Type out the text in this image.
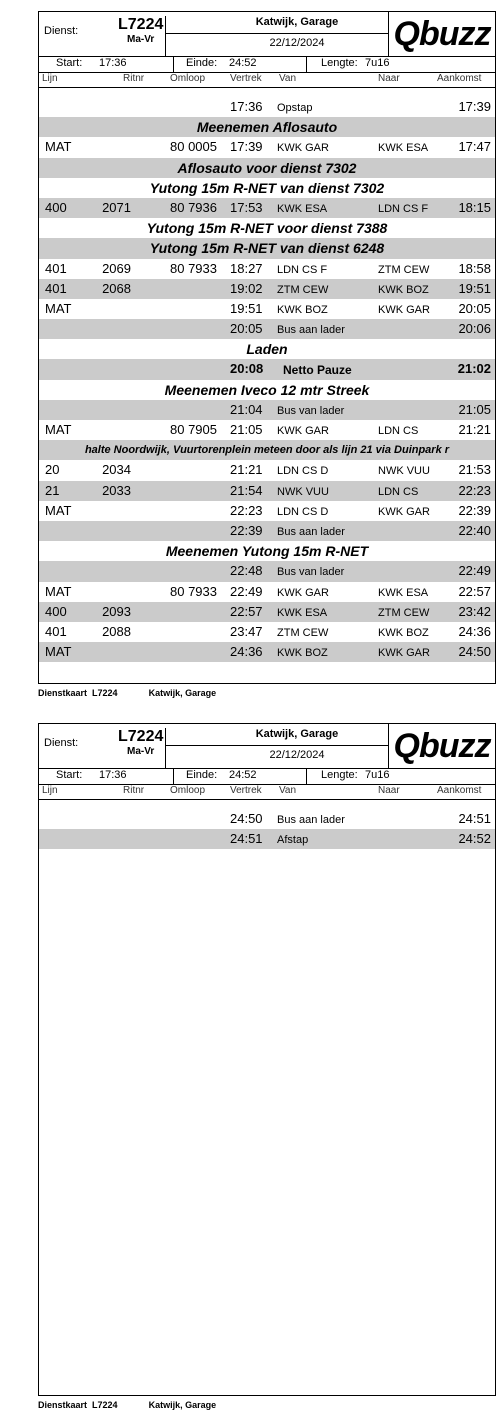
Dienst: L7224
Ma-Vr
Katwijk, Garage
22/12/2024	Qbuzz
Start: 17:36	Einde: 24:52	Lengte: 7u16
Lijn	Ritnr	Omloop Vertrek Van	Naar	Aankomst
17:36 Opstap	17:39
Meenemen Aflosauto
MAT	80 0005 17:39 KWK GAR	KWK ESA 17:47
Aflosauto voor dienst 7302
Yutong 15m R-NET van dienst 7302
400	2071	80 7936 17:53 KWK ESA	LDN CS F 18:15
Yutong 15m R-NET voor dienst 7388
Yutong 15m R-NET van dienst 6248
401	2069	80 7933 18:27 LDN CS F	ZTM CEW 18:58
401	2068	19:02 ZTM CEW	KWK BOZ 19:51
MAT	19:51 KWK BOZ	KWK GAR 20:05
20:05 Bus aan lader	20:06
Laden
20:08 Netto Pauze	21:02
Meenemen Iveco 12 mtr Streek
21:04 Bus van lader	21:05
MAT	80 7905 21:05 KWK GAR	LDN CS	21:21
halte Noordwijk, Vuurtorenplein meteen door als lijn 21 via Duinpark r
20	2034	21:21 LDN CS D	NWK VUU 21:53
21	2033	21:54 NWK VUU	LDN CS	22:23
MAT	22:23 LDN CS D	KWK GAR 22:39
22:39 Bus aan lader	22:40
Meenemen Yutong 15m R-NET
22:48 Bus van lader	22:49
MAT	80 7933 22:49 KWK GAR	KWK ESA 22:57
400	2093	22:57 KWK ESA	ZTM CEW 23:42
401	2088	23:47 ZTM CEW	KWK BOZ 24:36
MAT	24:36 KWK BOZ	KWK GAR 24:50
Dienstkaart L7224	Katwijk, Garage
Dienst: L7224
Ma-Vr
Katwijk, Garage
22/12/2024	Qbuzz
Start: 17:36	Einde: 24:52	Lengte: 7u16
Lijn	Ritnr	Omloop Vertrek Van	Naar	Aankomst
24:50 Bus aan lader	24:51
24:51 Afstap	24:52
Dienstkaart L7224	Katwijk, Garage
